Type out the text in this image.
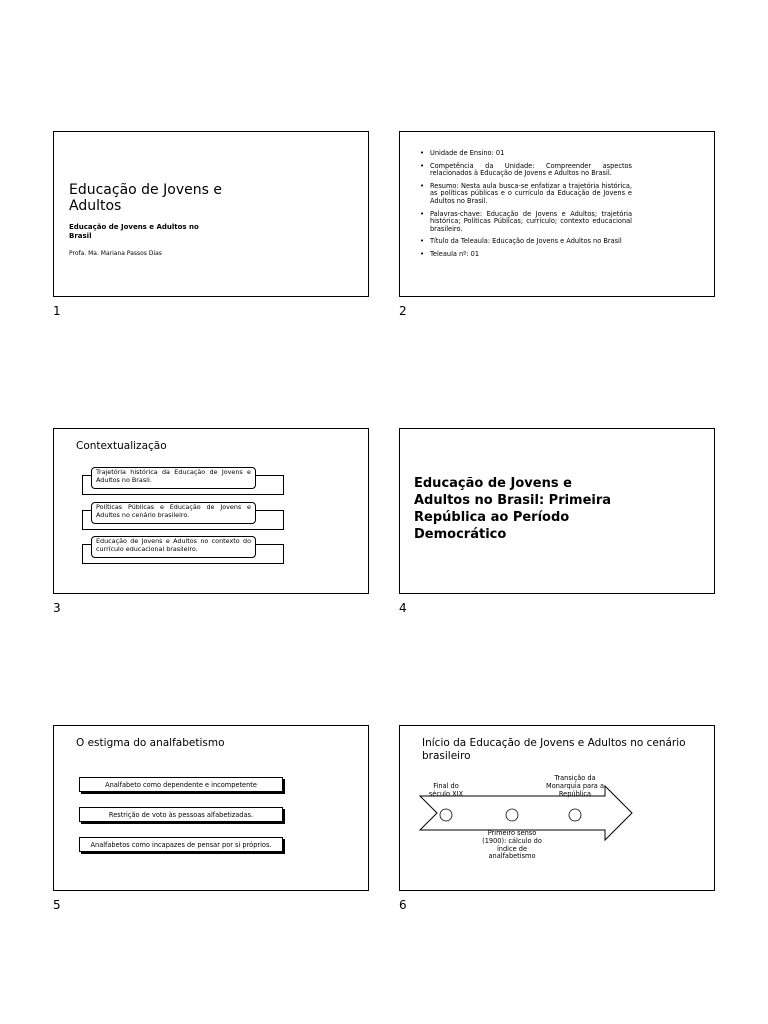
Educação de Jovens e Adultos
Educação de Jovens e Adultos no Brasil
Profa. Ma. Mariana Passos Dias
1
• Unidade de Ensino: 01
• Competência da Unidade: Compreender aspectos relacionados à Educação de Jovens e Adultos no Brasil.
• Resumo: Nesta aula busca-se enfatizar a trajetória histórica, as políticas públicas e o currículo da Educação de Jovens e Adultos no Brasil.
• Palavras-chave: Educação de Jovens e Adultos; trajetória histórica; Políticas Públicas; currículo; contexto educacional brasileiro.
• Título da Teleaula: Educação de Jovens e Adultos no Brasil
• Teleaula nº: 01
2
Contextualização
Trajetória histórica da Educação de Jovens e Adultos no Brasil.
Políticas Públicas e Educação de Jovens e Adultos no cenário brasileiro.
Educação de Jovens e Adultos no contexto do currículo educacional brasileiro.
3
Educação de Jovens e Adultos no Brasil: Primeira República ao Período Democrático
4
O estigma do analfabetismo
Analfabeto como dependente e incompetente
Restrição de voto às pessoas alfabetizadas.
Analfabetos como incapazes de pensar por si próprios.
5
Início da Educação de Jovens e Adultos no cenário brasileiro
Final do século XIX
Transição da Monarquia para a República
Primeiro senso (1900): cálculo do índice de analfabetismo
6
